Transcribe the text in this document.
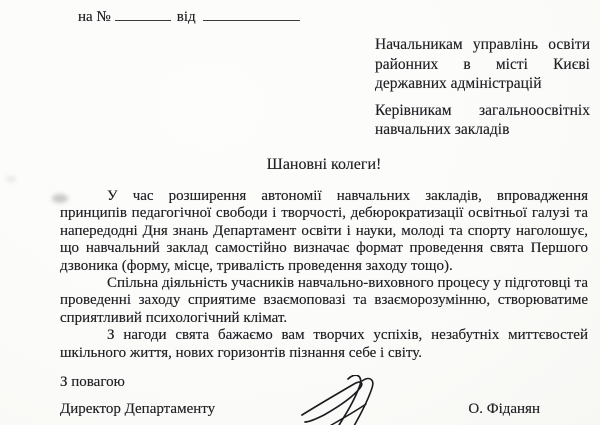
на №	від
Начальникам управлінь освіти районних в місті Києві державних адміністрацій
Керівникам загальноосвітніх навчальних закладів
Шановні колеги!

У час розширення автономії навчальних закладів, впровадження принципів педагогічної свободи і творчості, дебюрократизації освітньої галузі та напередодні Дня знань Департамент освіти і науки, молоді та спорту наголошує, що навчальний заклад самостійно визначає формат проведення свята Першого дзвоника (форму, місце, тривалість проведення заходу тощо).

Спільна діяльність учасників навчально-виховного процесу у підготовці та проведенні заходу сприятиме взаємоповазі та взаєморозумінню, створюватиме сприятливий психологічний клімат.

З нагоди свята бажаємо вам творчих успіхів, незабутніх миттєвостей шкільного життя, нових горизонтів пізнання себе і світу.

З повагою
Директор Департаменту	О. Фіданян
